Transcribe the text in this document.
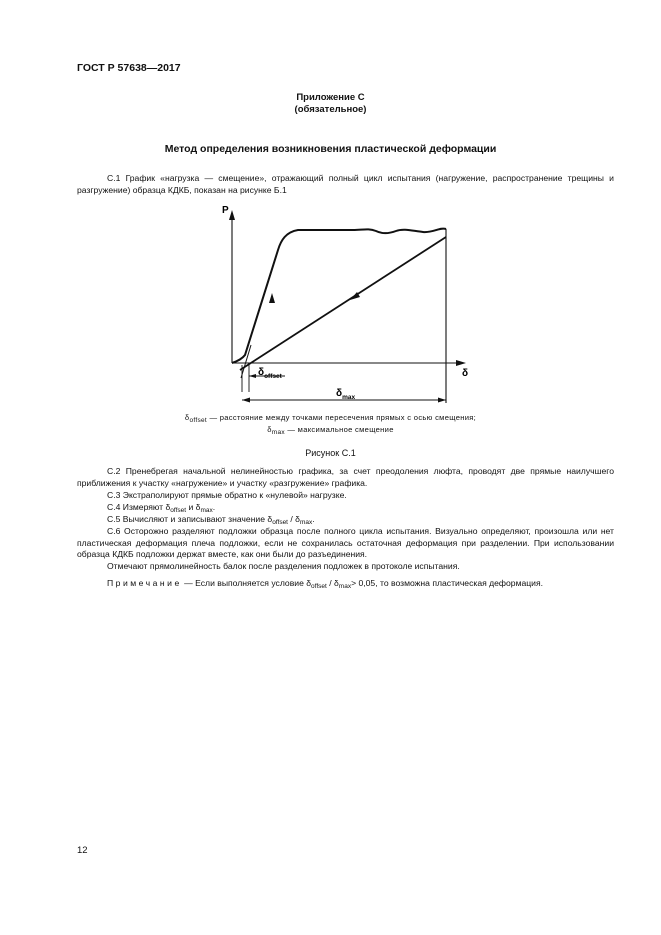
ГОСТ Р 57638—2017
Приложение С
(обязательное)
Метод определения возникновения пластической деформации
С.1 График «нагрузка — смещение», отражающий полный цикл испытания (нагружение, распространение трещины и разгружение) образца КДКБ, показан на рисунке Б.1
P
δ
$\delta_{offset}$
$\delta_{max}$
$\delta_{offset}$ — расстояние между точками пересечения прямых с осью смещения;
$\delta_{max}$ — максимальное смещение
Рисунок С.1
С.2 Пренебрегая начальной нелинейностью графика, за счет преодоления люфта, проводят две прямые наилучшего приближения к участку «нагружение» и участку «разгружение» графика.
С.3 Экстраполируют прямые обратно к «нулевой» нагрузке.
С.4 Измеряют $\delta_{offset}$ и $\delta_{max}$.
С.5 Вычисляют и записывают значение $\delta_{offset} / \delta_{max}$.
С.6 Осторожно разделяют подложки образца после полного цикла испытания. Визуально определяют, произошла или нет пластическая деформация плеча подложки, если не сохранилась остаточная деформация при разделении. При использовании образца КДКБ подложки держат вместе, как они были до разъединения.
Отмечают прямолинейность балок после разделения подложек в протоколе испытания.
Примечание — Если выполняется условие $\delta_{offset} / \delta_{max}> 0,05$, то возможна пластическая деформация.
12
